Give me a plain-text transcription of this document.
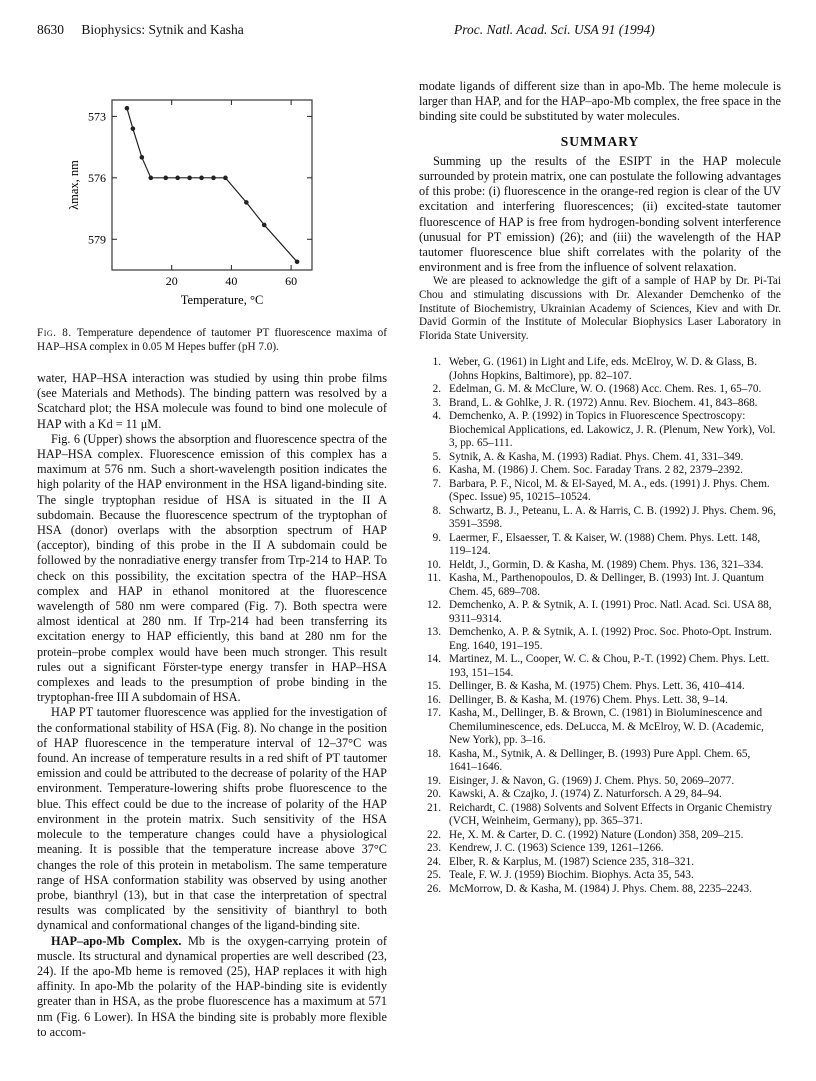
8630 Biophysics: Sytnik and Kasha	Proc. Natl. Acad. Sci. USA 91 (1994)
573
576
579
20	40	60
Temperature, °C
λmax, nm
Fig. 8. Temperature dependence of tautomer PT fluorescence maxima of HAP–HSA complex in 0.05 M Hepes buffer (pH 7.0).

water, HAP–HSA interaction was studied by using thin probe films (see Materials and Methods). The binding pattern was resolved by a Scatchard plot; the HSA molecule was found to bind one molecule of HAP with a Kd = 11 μM.

Fig. 6 (Upper) shows the absorption and fluorescence spectra of the HAP–HSA complex. Fluorescence emission of this complex has a maximum at 576 nm. Such a short-wavelength position indicates the high polarity of the HAP environment in the HSA ligand-binding site. The single tryptophan residue of HSA is situated in the II A subdomain. Because the fluorescence spectrum of the tryptophan of HSA (donor) overlaps with the absorption spectrum of HAP (acceptor), binding of this probe in the II A subdomain could be followed by the nonradiative energy transfer from Trp-214 to HAP. To check on this possibility, the excitation spectra of the HAP–HSA complex and HAP in ethanol monitored at the fluorescence wavelength of 580 nm were compared (Fig. 7). Both spectra were almost identical at 280 nm. If Trp-214 had been transferring its excitation energy to HAP efficiently, this band at 280 nm for the protein–probe complex would have been much stronger. This result rules out a significant Förster-type energy transfer in HAP–HSA complexes and leads to the presumption of probe binding in the tryptophan-free III A subdomain of HSA.

HAP PT tautomer fluorescence was applied for the investigation of the conformational stability of HSA (Fig. 8). No change in the position of HAP fluorescence in the temperature interval of 12–37°C was found. An increase of temperature results in a red shift of PT tautomer emission and could be attributed to the decrease of polarity of the HAP environment. Temperature-lowering shifts probe fluorescence to the blue. This effect could be due to the increase of polarity of the HAP environment in the protein matrix. Such sensitivity of the HSA molecule to the temperature changes could have a physiological meaning. It is possible that the temperature increase above 37°C changes the role of this protein in metabolism. The same temperature range of HSA conformation stability was observed by using another probe, bianthryl (13), but in that case the interpretation of spectral results was complicated by the sensitivity of bianthryl to both dynamical and conformational changes of the ligand-binding site.

HAP–apo-Mb Complex. Mb is the oxygen-carrying protein of muscle. Its structural and dynamical properties are well described (23, 24). If the apo-Mb heme is removed (25), HAP replaces it with high affinity. In apo-Mb the polarity of the HAP-binding site is evidently greater than in HSA, as the probe fluorescence has a maximum at 571 nm (Fig. 6 Lower). In HSA the binding site is probably more flexible to accom-

modate ligands of different size than in apo-Mb. The heme molecule is larger than HAP, and for the HAP–apo-Mb complex, the free space in the binding site could be substituted by water molecules.

SUMMARY

Summing up the results of the ESIPT in the HAP molecule surrounded by protein matrix, one can postulate the following advantages of this probe: (i) fluorescence in the orange-red region is clear of the UV excitation and interfering fluorescences; (ii) excited-state tautomer fluorescence of HAP is free from hydrogen-bonding solvent interference (unusual for PT emission) (26); and (iii) the wavelength of the HAP tautomer fluorescence blue shift correlates with the polarity of the environment and is free from the influence of solvent relaxation.

We are pleased to acknowledge the gift of a sample of HAP by Dr. Pi-Tai Chou and stimulating discussions with Dr. Alexander Demchenko of the Institute of Biochemistry, Ukrainian Academy of Sciences, Kiev and with Dr. David Gormin of the Institute of Molecular Biophysics Laser Laboratory in Florida State University.

1. Weber, G. (1961) in Light and Life, eds. McElroy, W. D. & Glass, B. (Johns Hopkins, Baltimore), pp. 82–107.
2. Edelman, G. M. & McClure, W. O. (1968) Acc. Chem. Res. 1, 65–70.
3. Brand, L. & Gohlke, J. R. (1972) Annu. Rev. Biochem. 41, 843–868.
4. Demchenko, A. P. (1992) in Topics in Fluorescence Spectroscopy: Biochemical Applications, ed. Lakowicz, J. R. (Plenum, New York), Vol. 3, pp. 65–111.
5. Sytnik, A. & Kasha, M. (1993) Radiat. Phys. Chem. 41, 331–349.
6. Kasha, M. (1986) J. Chem. Soc. Faraday Trans. 2 82, 2379–2392.
7. Barbara, P. F., Nicol, M. & El-Sayed, M. A., eds. (1991) J. Phys. Chem. (Spec. Issue) 95, 10215–10524.
8. Schwartz, B. J., Peteanu, L. A. & Harris, C. B. (1992) J. Phys. Chem. 96, 3591–3598.
9. Laermer, F., Elsaesser, T. & Kaiser, W. (1988) Chem. Phys. Lett. 148, 119–124.
10. Heldt, J., Gormin, D. & Kasha, M. (1989) Chem. Phys. 136, 321–334.
11. Kasha, M., Parthenopoulos, D. & Dellinger, B. (1993) Int. J. Quantum Chem. 45, 689–708.
12. Demchenko, A. P. & Sytnik, A. I. (1991) Proc. Natl. Acad. Sci. USA 88, 9311–9314.
13. Demchenko, A. P. & Sytnik, A. I. (1992) Proc. Soc. Photo-Opt. Instrum. Eng. 1640, 191–195.
14. Martinez, M. L., Cooper, W. C. & Chou, P.-T. (1992) Chem. Phys. Lett. 193, 151–154.
15. Dellinger, B. & Kasha, M. (1975) Chem. Phys. Lett. 36, 410–414.
16. Dellinger, B. & Kasha, M. (1976) Chem. Phys. Lett. 38, 9–14.
17. Kasha, M., Dellinger, B. & Brown, C. (1981) in Bioluminescence and Chemiluminescence, eds. DeLucca, M. & McElroy, W. D. (Academic, New York), pp. 3–16.
18. Kasha, M., Sytnik, A. & Dellinger, B. (1993) Pure Appl. Chem. 65, 1641–1646.
19. Eisinger, J. & Navon, G. (1969) J. Chem. Phys. 50, 2069–2077.
20. Kawski, A. & Czajko, J. (1974) Z. Naturforsch. A 29, 84–94.
21. Reichardt, C. (1988) Solvents and Solvent Effects in Organic Chemistry (VCH, Weinheim, Germany), pp. 365–371.
22. He, X. M. & Carter, D. C. (1992) Nature (London) 358, 209–215.
23. Kendrew, J. C. (1963) Science 139, 1261–1266.
24. Elber, R. & Karplus, M. (1987) Science 235, 318–321.
25. Teale, F. W. J. (1959) Biochim. Biophys. Acta 35, 543.
26. McMorrow, D. & Kasha, M. (1984) J. Phys. Chem. 88, 2235–2243.
